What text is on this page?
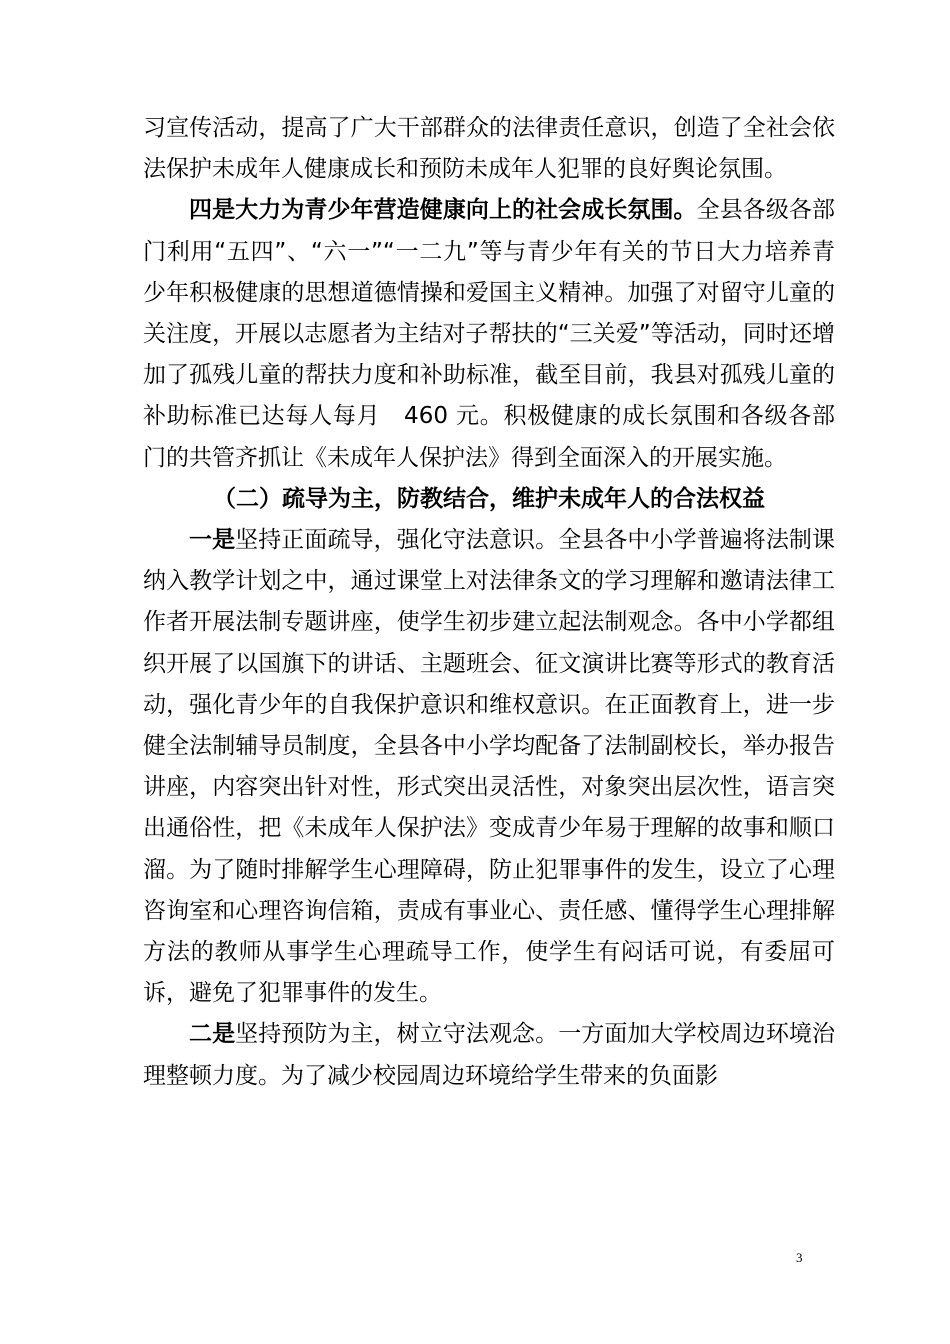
习宣传活动，提高了广大干部群众的法律责任意识，创造了全社会依法保护未成年人健康成长和预防未成年人犯罪的良好舆论氛围。

四是大力为青少年营造健康向上的社会成长氛围。全县各级各部门利用“五四”、“六一”“一二九”等与青少年有关的节日大力培养青少年积极健康的思想道德情操和爱国主义精神。加强了对留守儿童的关注度，开展以志愿者为主结对子帮扶的“三关爱”等活动，同时还增加了孤残儿童的帮扶力度和补助标准，截至目前，我县对孤残儿童的补助标准已达每人每月　460 元。积极健康的成长氛围和各级各部门的共管齐抓让《未成年人保护法》得到全面深入的开展实施。

（二）疏导为主，防教结合，维护未成年人的合法权益

一是坚持正面疏导，强化守法意识。全县各中小学普遍将法制课纳入教学计划之中，通过课堂上对法律条文的学习理解和邀请法律工作者开展法制专题讲座，使学生初步建立起法制观念。各中小学都组织开展了以国旗下的讲话、主题班会、征文演讲比赛等形式的教育活动，强化青少年的自我保护意识和维权意识。在正面教育上，进一步健全法制辅导员制度，全县各中小学均配备了法制副校长，举办报告讲座，内容突出针对性，形式突出灵活性，对象突出层次性，语言突出通俗性，把《未成年人保护法》变成青少年易于理解的故事和顺口溜。为了随时排解学生心理障碍，防止犯罪事件的发生，设立了心理咨询室和心理咨询信箱，责成有事业心、责任感、懂得学生心理排解方法的教师从事学生心理疏导工作，使学生有闷话可说，有委屈可诉，避免了犯罪事件的发生。

二是坚持预防为主，树立守法观念。一方面加大学校周边环境治理整顿力度。为了减少校园周边环境给学生带来的负面影

3
